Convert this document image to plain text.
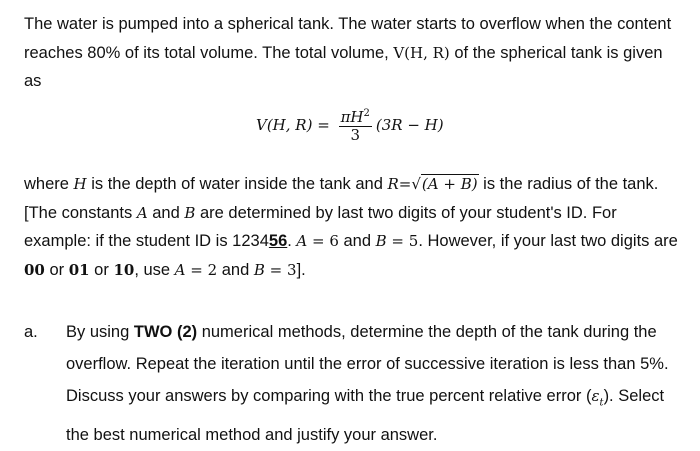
The water is pumped into a spherical tank. The water starts to overflow when the content reaches 80% of its total volume. The total volume, V(H, R) of the spherical tank is given as
V(H, $R) = \frac{\pi H^2}{3} (3R - H)$
where H is the depth of water inside the tank and R=√(A + B) is the radius of the tank. [The constants A and B are determined by last two digits of your student's ID. For example: if the student ID is 123456. A = 6 and B = 5. However, if your last two digits are 00 or 01 or 10, use A = 2 and B = 3].
a.	By using TWO (2) numerical methods, determine the depth of the tank during the overflow. Repeat the iteration until the error of successive iteration is less than 5%. Discuss your answers by comparing with the true percent relative error $(\varepsilon_t)$. Select the best numerical method and justify your answer.
